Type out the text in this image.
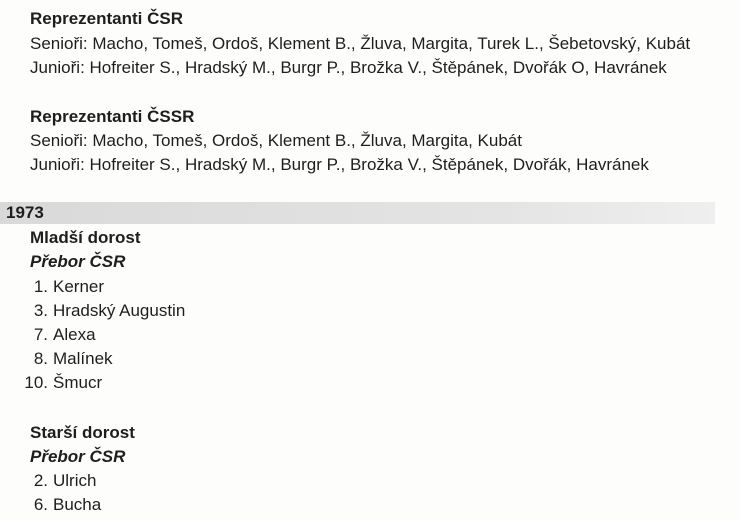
Reprezentanti ČSR
Senioři: Macho, Tomeš, Ordoš, Klement B., Žluva, Margita, Turek L., Šebetovský, Kubát
Junioři: Hofreiter S., Hradský M., Burgr P., Brožka V., Štěpánek, Dvořák O, Havránek
Reprezentanti ČSSR
Senioři: Macho, Tomeš, Ordoš, Klement B., Žluva, Margita, Kubát
Junioři: Hofreiter S., Hradský M., Burgr P., Brožka V., Štěpánek, Dvořák, Havránek
1973
Mladší dorost
Přebor ČSR
1. Kerner
3. Hradský Augustin
7. Alexa
8. Malínek
10. Šmucr
Starší dorost
Přebor ČSR
2. Ulrich
6. Bucha
